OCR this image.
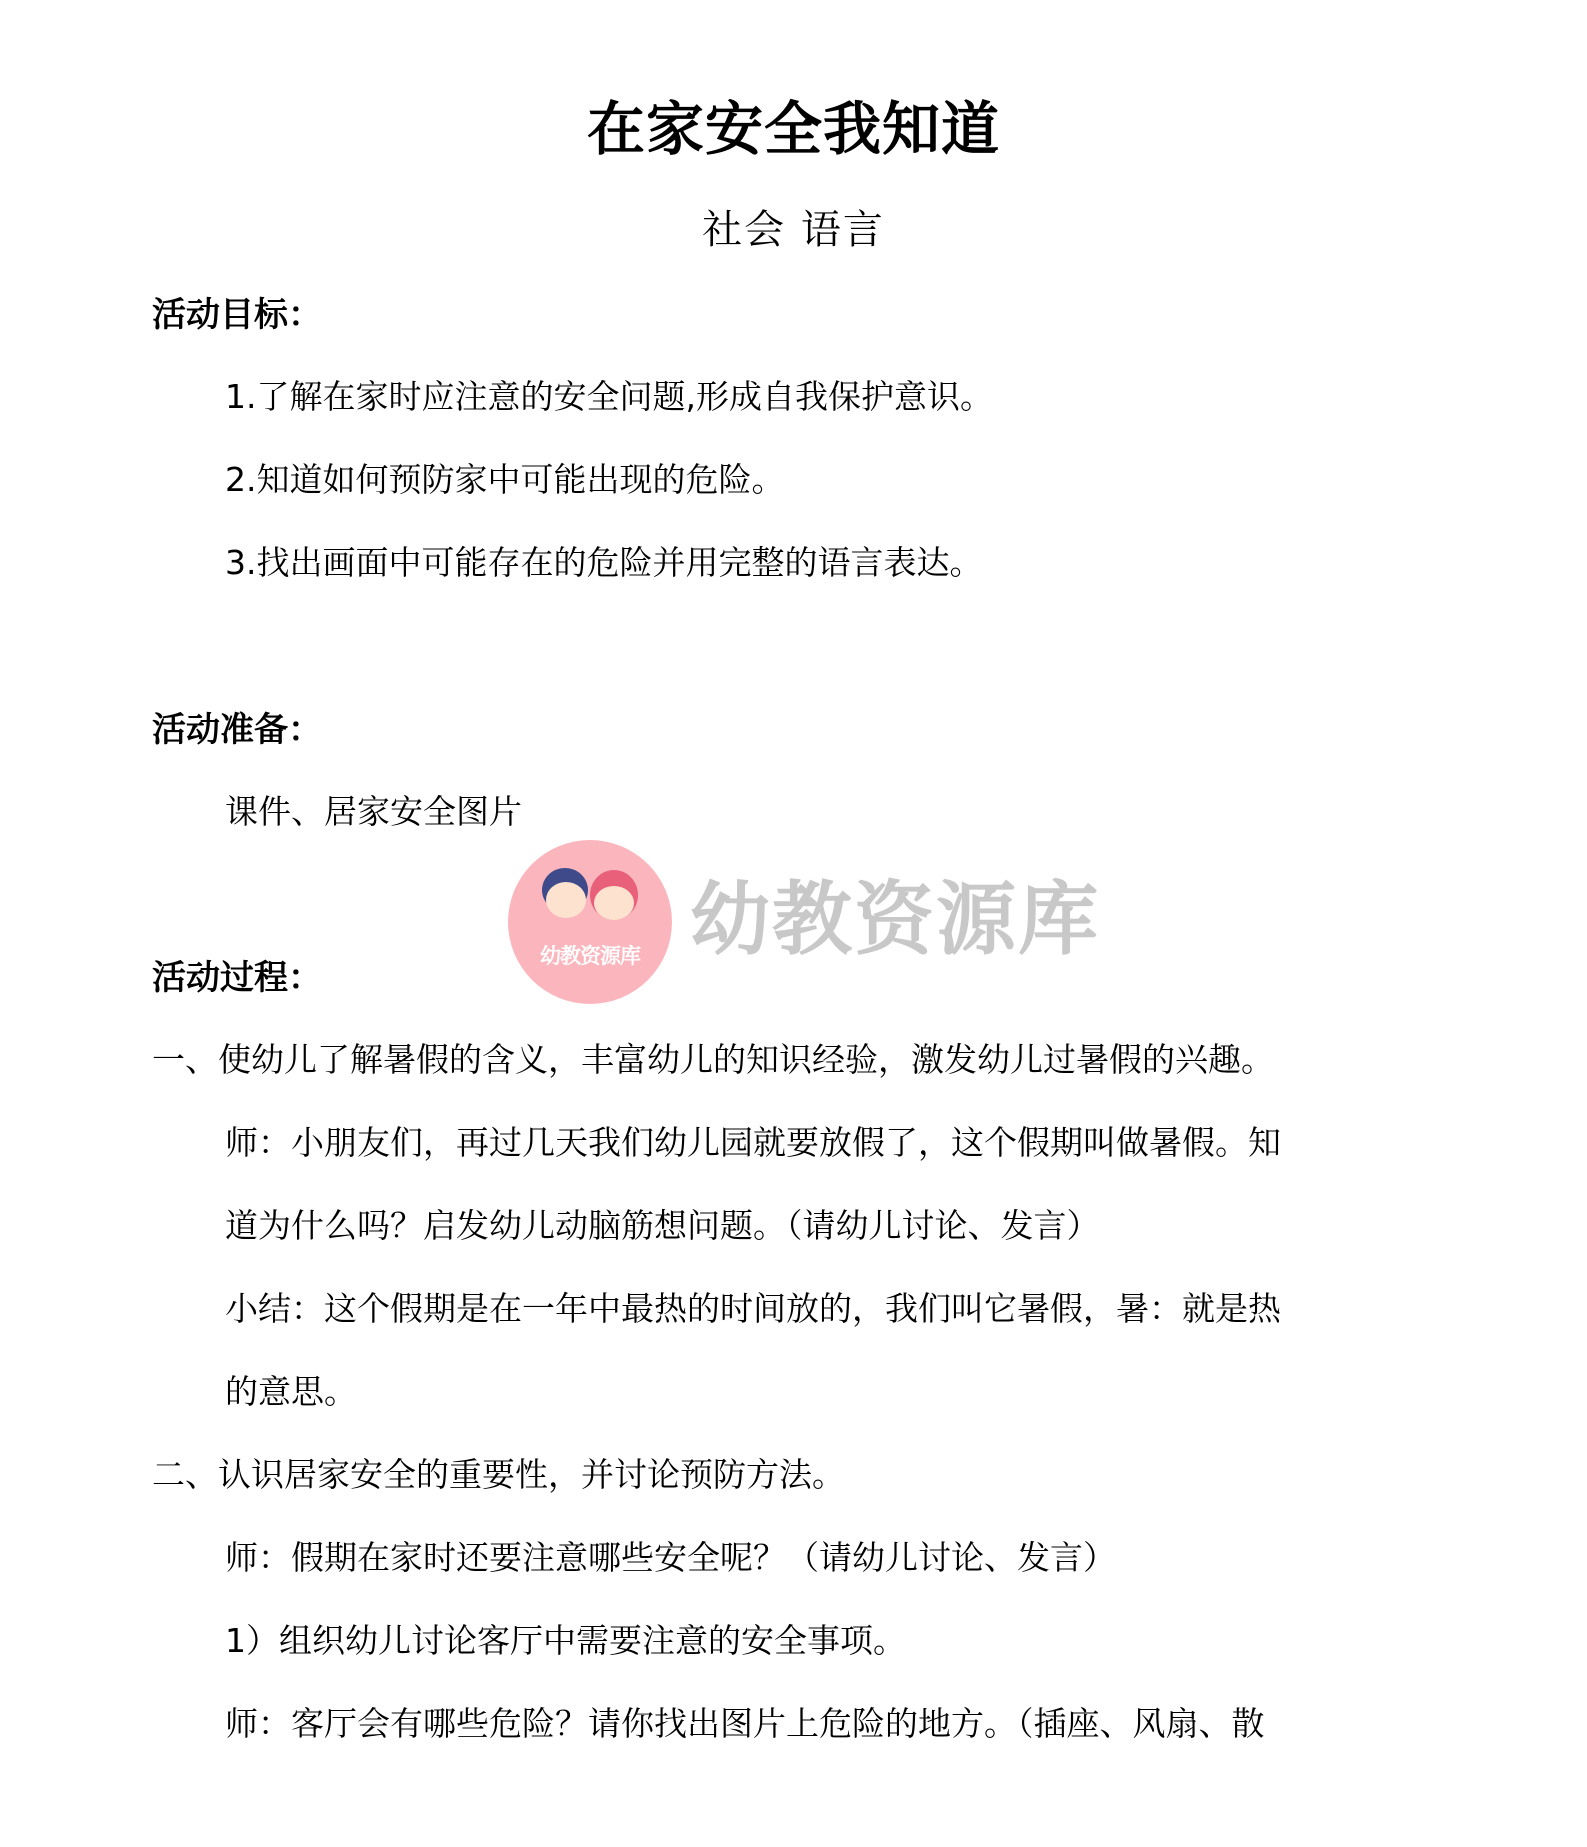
在家安全我知道
社会 语言
活动目标：
1.了解在家时应注意的安全问题,形成自我保护意识。
2.知道如何预防家中可能出现的危险。
3.找出画面中可能存在的危险并用完整的语言表达。
活动准备：
课件、居家安全图片
幼教资源库 幼教资源库
活动过程：
一、使幼儿了解暑假的含义，丰富幼儿的知识经验，激发幼儿过暑假的兴趣。
师：小朋友们，再过几天我们幼儿园就要放假了，这个假期叫做暑假。知
道为什么吗？启发幼儿动脑筋想问题。（请幼儿讨论、发言）
小结：这个假期是在一年中最热的时间放的，我们叫它暑假，暑：就是热
的意思。
二、认识居家安全的重要性，并讨论预防方法。
师：假期在家时还要注意哪些安全呢？（请幼儿讨论、发言）
1）组织幼儿讨论客厅中需要注意的安全事项。
师：客厅会有哪些危险？请你找出图片上危险的地方。（插座、风扇、散
